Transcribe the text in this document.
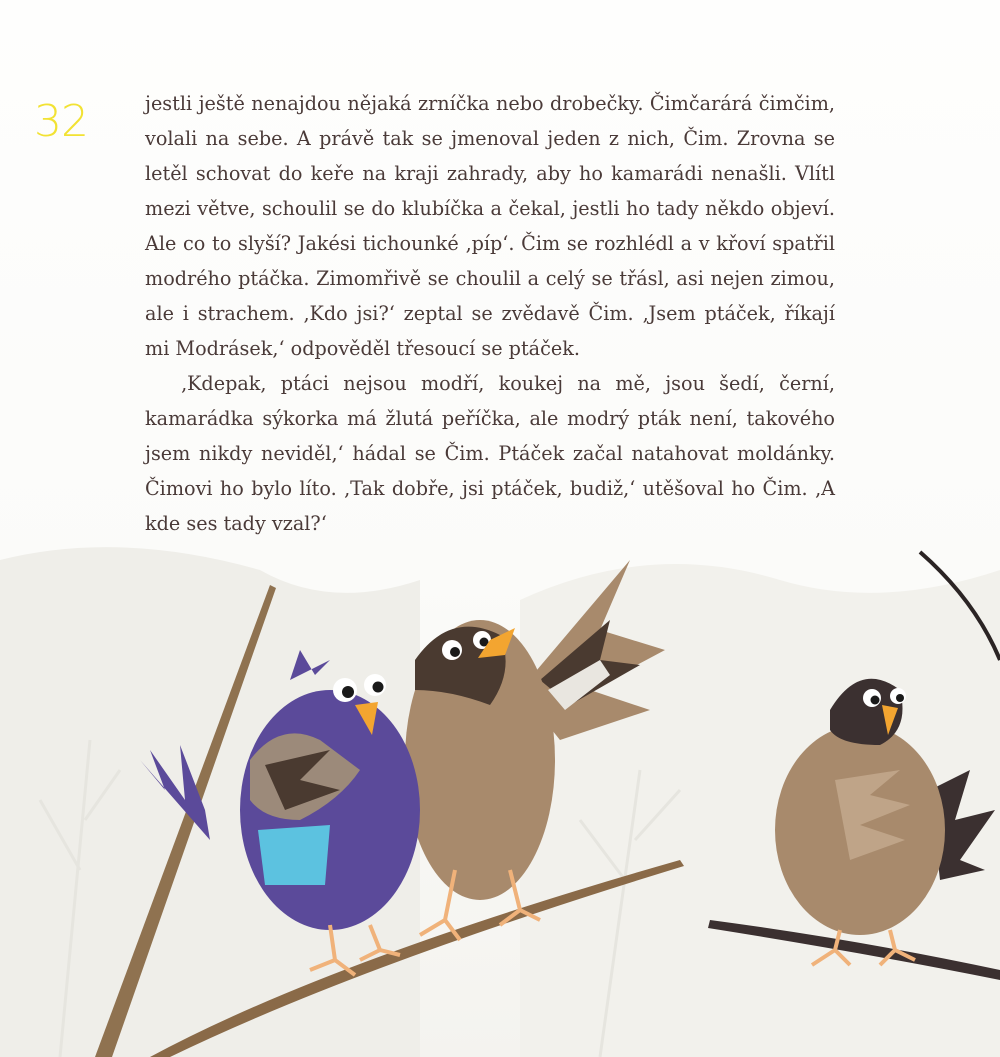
32	jestli ještě nenajdou nějaká zrníčka nebo drobečky. Čimčarárá čimčim, volali na sebe. A právě tak se jmenoval jeden z nich, Čim. Zrovna se letěl schovat do keře na kraji zahrady, aby ho kamarádi nenašli. Vlítl mezi větve, schoulil se do klubíčka a čekal, jestli ho tady někdo objeví. Ale co to slyší? Jakési tichounké ‚píp‘. Čim se rozhlédl a v křoví spatřil modrého ptáčka. Zimomřivě se choulil a celý se třásl, asi nejen zimou, ale i strachem. ‚Kdo jsi?‘ zeptal se zvědavě Čim. ‚Jsem ptáček, říkají mi Modrásek,‘ odpověděl třesoucí se ptáček.

‚Kdepak, ptáci nejsou modří, koukej na mě, jsou šedí, černí, kamarádka sýkorka má žlutá peříčka, ale modrý pták není, takového jsem nikdy neviděl,‘ hádal se Čim. Ptáček začal natahovat moldánky. Čimovi ho bylo líto. ‚Tak dobře, jsi ptáček, budiž,‘ utěšoval ho Čim. ‚A kde ses tady vzal?‘
